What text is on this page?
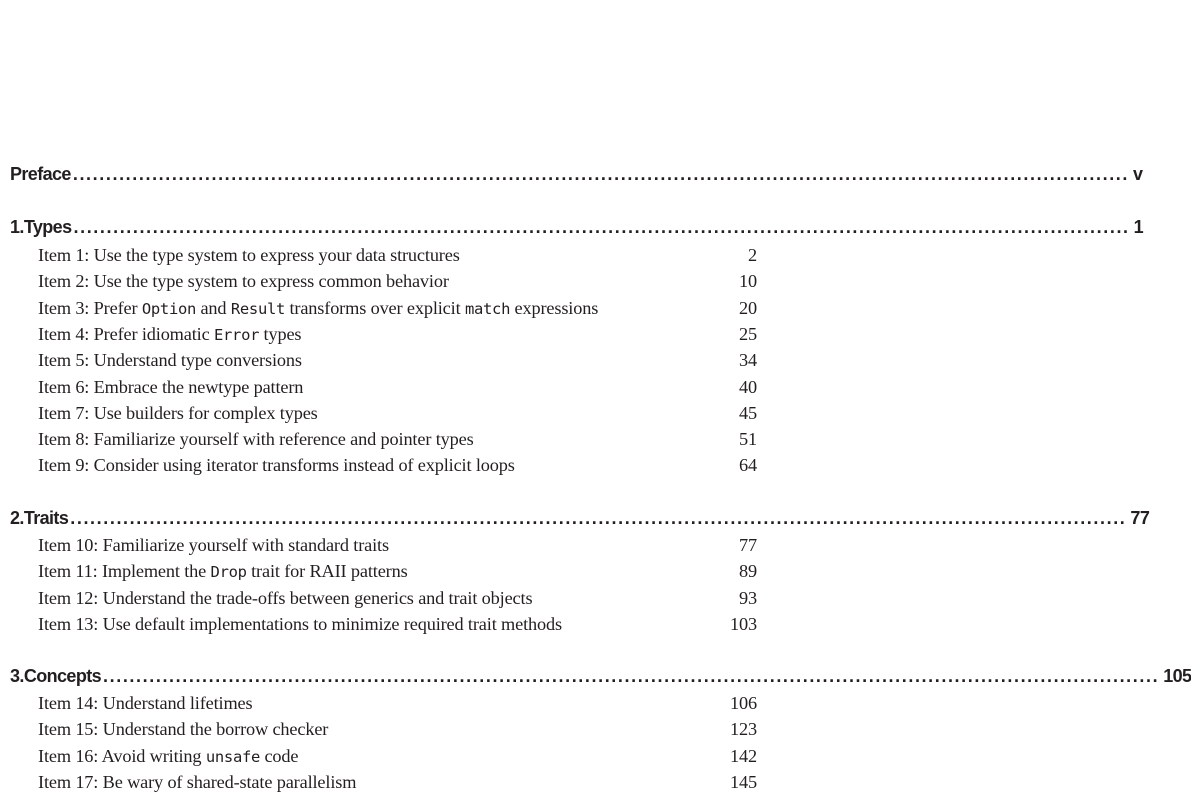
Preface ................................................................................................................................................................ v
1. Types ................................................................................................................................................................ 1
Item 1: Use the type system to express your data structures	2
Item 2: Use the type system to express common behavior	10
Item 3: Prefer Option and Result transforms over explicit match expressions	20
Item 4: Prefer idiomatic Error types	25
Item 5: Understand type conversions	34
Item 6: Embrace the newtype pattern	40
Item 7: Use builders for complex types	45
Item 8: Familiarize yourself with reference and pointer types	51
Item 9: Consider using iterator transforms instead of explicit loops	64
2. Traits ................................................................................................................................................................ 77
Item 10: Familiarize yourself with standard traits	77
Item 11: Implement the Drop trait for RAII patterns	89
Item 12: Understand the trade-offs between generics and trait objects	93
Item 13: Use default implementations to minimize required trait methods	103
3. Concepts ................................................................................................................................................................ 105
Item 14: Understand lifetimes	106
Item 15: Understand the borrow checker	123
Item 16: Avoid writing unsafe code	142
Item 17: Be wary of shared-state parallelism	145
